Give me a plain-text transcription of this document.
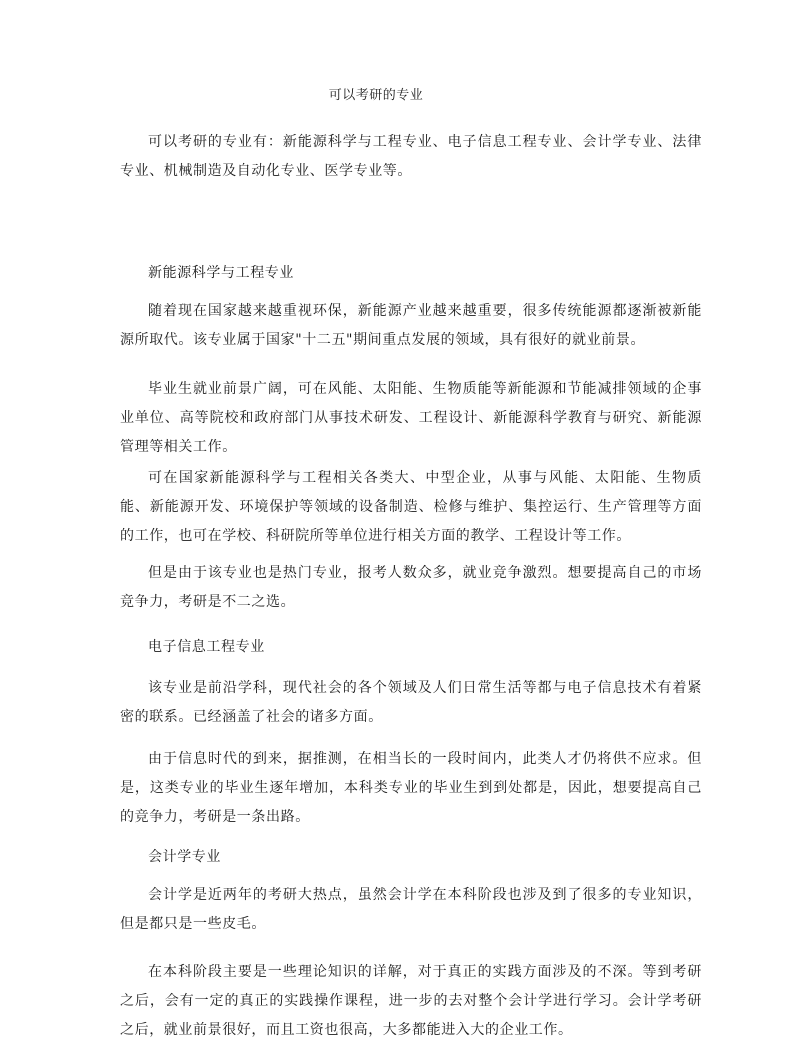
可以考研的专业
可以考研的专业有：新能源科学与工程专业、电子信息工程专业、会计学专业、法律专业、机械制造及自动化专业、医学专业等。
新能源科学与工程专业
随着现在国家越来越重视环保，新能源产业越来越重要，很多传统能源都逐渐被新能源所取代。该专业属于国家"十二五"期间重点发展的领域，具有很好的就业前景。
毕业生就业前景广阔，可在风能、太阳能、生物质能等新能源和节能减排领域的企事业单位、高等院校和政府部门从事技术研发、工程设计、新能源科学教育与研究、新能源管理等相关工作。
可在国家新能源科学与工程相关各类大、中型企业，从事与风能、太阳能、生物质能、新能源开发、环境保护等领域的设备制造、检修与维护、集控运行、生产管理等方面的工作，也可在学校、科研院所等单位进行相关方面的教学、工程设计等工作。
但是由于该专业也是热门专业，报考人数众多，就业竞争激烈。想要提高自己的市场竞争力，考研是不二之选。
电子信息工程专业
该专业是前沿学科，现代社会的各个领域及人们日常生活等都与电子信息技术有着紧密的联系。已经涵盖了社会的诸多方面。
由于信息时代的到来，据推测，在相当长的一段时间内，此类人才仍将供不应求。但是，这类专业的毕业生逐年增加，本科类专业的毕业生到到处都是，因此，想要提高自己的竞争力，考研是一条出路。
会计学专业
会计学是近两年的考研大热点，虽然会计学在本科阶段也涉及到了很多的专业知识，但是都只是一些皮毛。
在本科阶段主要是一些理论知识的详解，对于真正的实践方面涉及的不深。等到考研之后，会有一定的真正的实践操作课程，进一步的去对整个会计学进行学习。会计学考研之后，就业前景很好，而且工资也很高，大多都能进入大的企业工作。
